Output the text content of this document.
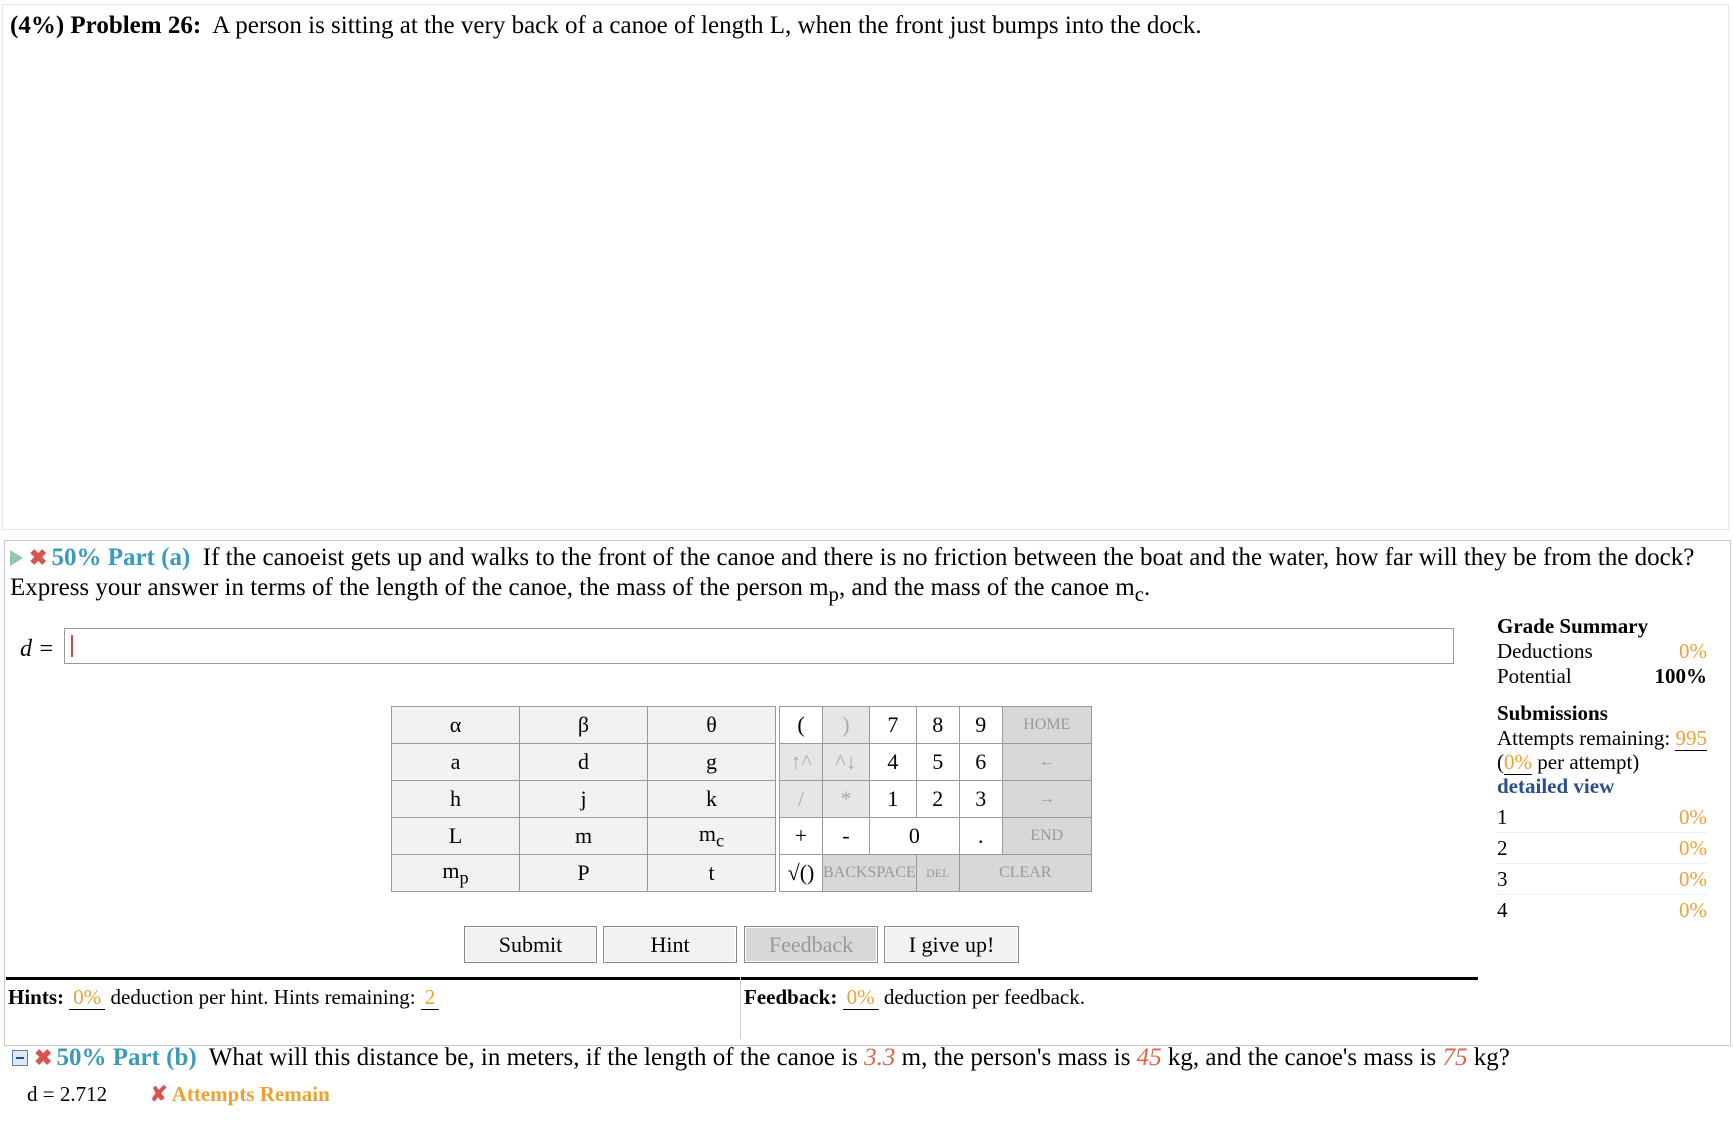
(4%) Problem 26: A person is sitting at the very back of a canoe of length L, when the front just bumps into the dock.
✖ 50% Part (a) If the canoeist gets up and walks to the front of the canoe and there is no friction between the boat and the water, how far will they be from the dock? Express your answer in terms of the length of the canoe, the mass of the person $m_p$, and the mass of the canoe $m_c$.
d =
α	β	θ
a	d	g
h	j	k
L	m	$m_c$
$m_p$	P	t
(	)	7	8	9	HOME
↑^	^↓	4	5	6	←
/	*	1	2	3	→
+	-	0		.	END
√()	BACKSPACE		DEL	CLEAR	
Submit	Hint	Feedback	I give up!
Hints: 0% deduction per hint. Hints remaining: 2	Feedback: 0% deduction per feedback.
Grade Summary
Deductions	0%
Potential	100%
Submissions
Attempts remaining: 995
(0% per attempt)
detailed view
1	0%
2	0%
3	0%
4	0%
✖ 50% Part (b) What will this distance be, in meters, if the length of the canoe is 3.3 m, the person's mass is 45 kg, and the canoe's mass is 75 kg?
d = 2.712 ✘ Attempts Remain
